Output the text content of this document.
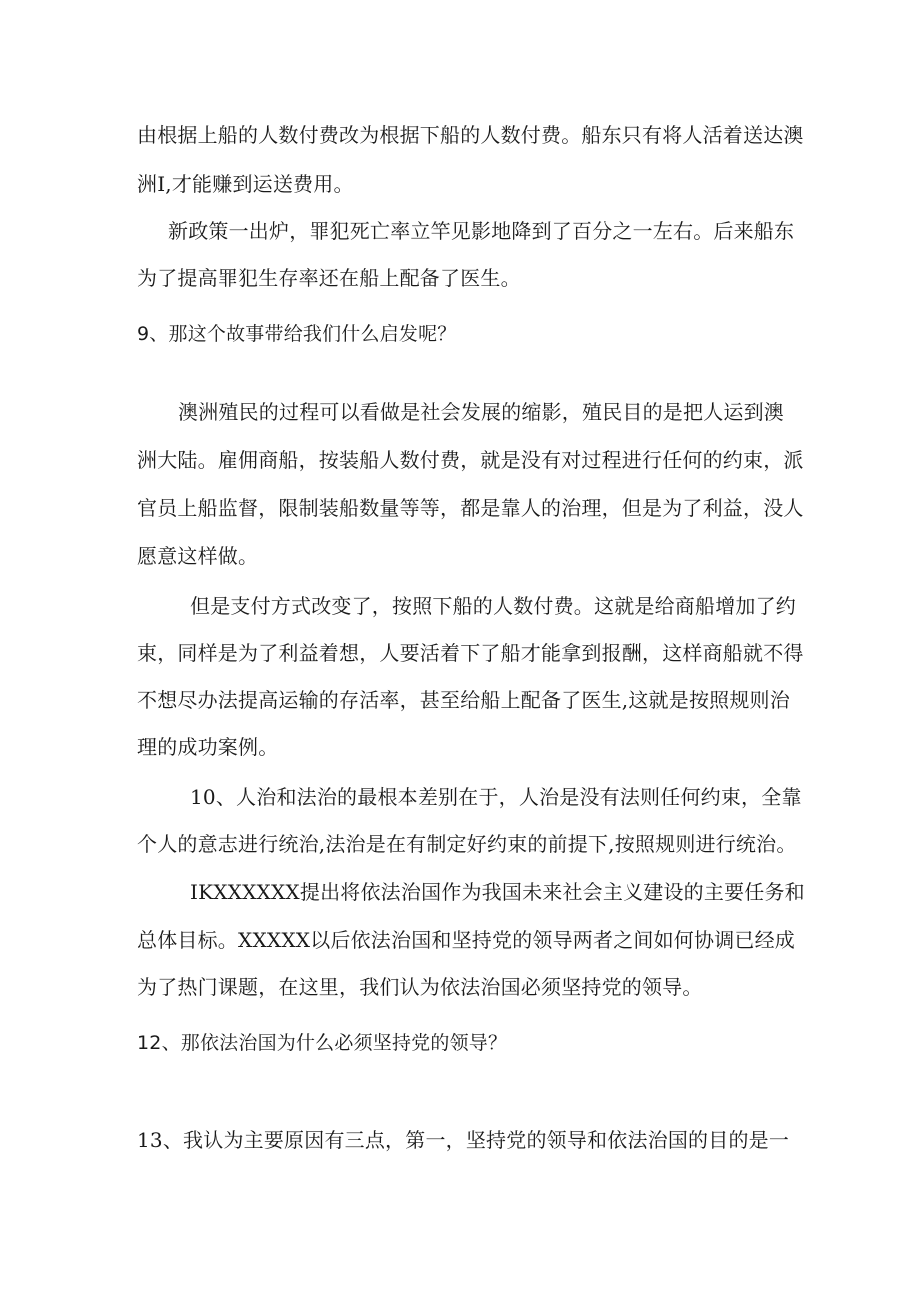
由根据上船的人数付费改为根据下船的人数付费。船东只有将人活着送达澳
洲I,才能赚到运送费用。
新政策一出炉，罪犯死亡率立竿见影地降到了百分之一左右。后来船东
为了提高罪犯生存率还在船上配备了医生。
9、那这个故事带给我们什么启发呢？
澳洲殖民的过程可以看做是社会发展的缩影，殖民目的是把人运到澳
洲大陆。雇佣商船，按装船人数付费，就是没有对过程进行任何的约束，派
官员上船监督，限制装船数量等等，都是靠人的治理，但是为了利益，没人
愿意这样做。
但是支付方式改变了，按照下船的人数付费。这就是给商船增加了约
束，同样是为了利益着想，人要活着下了船才能拿到报酬，这样商船就不得
不想尽办法提高运输的存活率，甚至给船上配备了医生,这就是按照规则治
理的成功案例。
10、人治和法治的最根本差别在于，人治是没有法则任何约束，全靠
个人的意志进行统治,法治是在有制定好约束的前提下,按照规则进行统治。
IKXXXXXX提出将依法治国作为我国未来社会主义建设的主要任务和
总体目标。XXXXX以后依法治国和坚持党的领导两者之间如何协调已经成
为了热门课题，在这里，我们认为依法治国必须坚持党的领导。
12、那依法治国为什么必须坚持党的领导？
13、我认为主要原因有三点，第一，坚持党的领导和依法治国的目的是一
